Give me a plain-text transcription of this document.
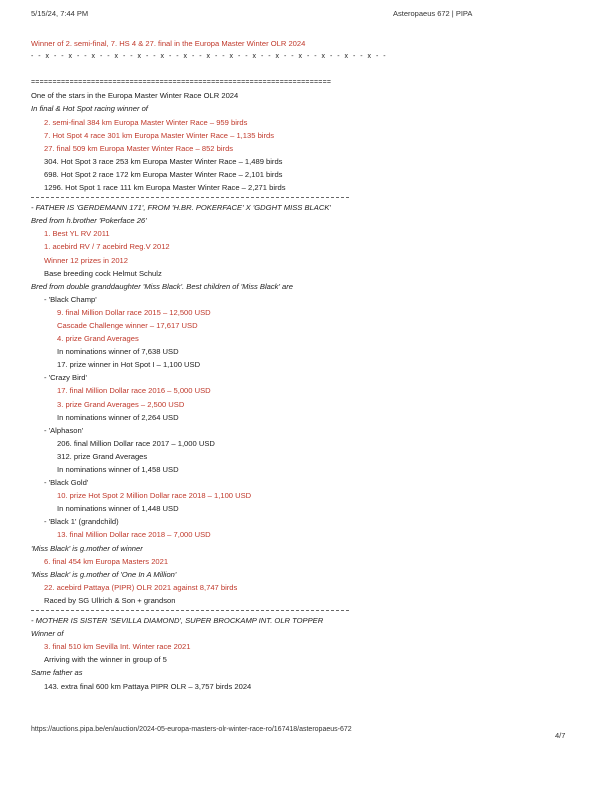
5/15/24, 7:44 PM	Asteropaeus 672 | PIPA
Winner of 2. semi-final, 7. HS 4 & 27. final in the Europa Master Winter OLR 2024
- - x - - x - - x - - x - - x - - x - - x - - x - - x - - x - - x - - x - - x - - x - - x - -
======================================================================
One of the stars in the Europa Master Winter Race OLR 2024
In final & Hot Spot racing winner of
2. semi-final 384 km Europa Master Winter Race – 959 birds
7. Hot Spot 4 race 301 km Europa Master Winter Race – 1,135 birds
27. final 509 km Europa Master Winter Race – 852 birds
304. Hot Spot 3 race 253 km Europa Master Winter Race – 1,489 birds
698. Hot Spot 2 race 172 km Europa Master Winter Race – 2,101 birds
1296. Hot Spot 1 race 111 km Europa Master Winter Race – 2,271 birds
- FATHER IS 'GERDEMANN 171', FROM 'H.BR. POKERFACE' X 'GDGHT MISS BLACK'
Bred from h.brother 'Pokerface 26'
1. Best YL RV 2011
1. acebird RV / 7 acebird Reg.V 2012
Winner 12 prizes in 2012
Base breeding cock Helmut Schulz
Bred from double granddaughter 'Miss Black'. Best children of 'Miss Black' are
- 'Black Champ'
9. final Million Dollar race 2015 – 12,500 USD
Cascade Challenge winner – 17,617 USD
4. prize Grand Averages
In nominations winner of 7,638 USD
17. prize winner in Hot Spot I – 1,100 USD
- 'Crazy Bird'
17. final Million Dollar race 2016 – 5,000 USD
3. prize Grand Averages – 2,500 USD
In nominations winner of 2,264 USD
- 'Alphason'
206. final Million Dollar race 2017 – 1,000 USD
312. prize Grand Averages
In nominations winner of 1,458 USD
- 'Black Gold'
10. prize Hot Spot 2 Million Dollar race 2018 – 1,100 USD
In nominations winner of 1,448 USD
- 'Black 1' (grandchild)
13. final Million Dollar race 2018 – 7,000 USD
'Miss Black' is g.mother of winner
6. final 454 km Europa Masters 2021
'Miss Black' is g.mother of 'One In A Million'
22. acebird Pattaya (PIPR) OLR 2021 against 8,747 birds
Raced by SG Ullrich & Son + grandson
- MOTHER IS SISTER 'SEVILLA DIAMOND', SUPER BROCKAMP INT. OLR TOPPER
Winner of
3. final 510 km Sevilla Int. Winter race 2021
Arriving with the winner in group of 5
Same father as
143. extra final 600 km Pattaya PIPR OLR – 3,757 birds 2024
https://auctions.pipa.be/en/auction/2024-05-europa-masters-olr-winter-race-ro/167418/asteropaeus-672
4/7
